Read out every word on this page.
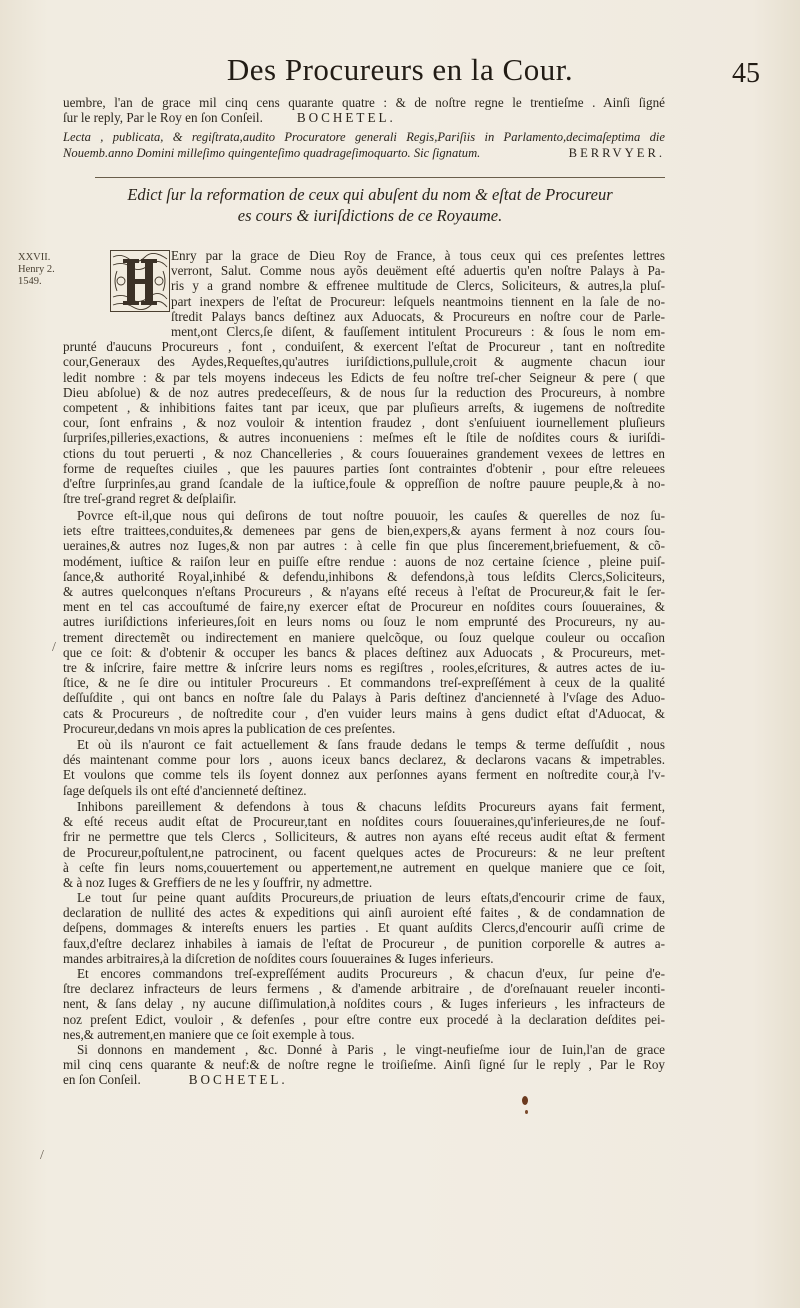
Des Procureurs en la Cour.	45
uembre, l'an de grace mil cinq cens quarante quatre : & de noſtre regne le trentieſme . Ainſi ſigné
ſur le reply, Par le Roy en ſon Conſeil.	BOCHETEL.
Lecta , publicata, & regiſtrata,audito Procuratore generali Regis,Pariſiis in Parlamento,decimaſeptima die
Nouemb.anno Domini milleſimo quingenteſimo quadrageſimoquarto. Sic ſignatum.	BERRVYER.
Edict ſur la reformation de ceux qui abuſent du nom & eſtat de Procureur
es cours & iuriſdictions de ce Royaume.
XXVII.
Henry 2.
1549.
Enry par la grace de Dieu Roy de France, à tous ceux qui ces preſentes lettres
verront, Salut. Comme nous ayõs deuëment eſté aduertis qu'en noſtre Palays à Pa-
ris y a grand nombre & effrenee multitude de Clercs, Soliciteurs, & autres,la pluſ-
part inexpers de l'eſtat de Procureur: leſquels neantmoins tiennent en la ſale de no-
ſtredit Palays bancs deſtinez aux Aduocats, & Procureurs en noſtre cour de Parle-
ment,ont Clercs,ſe diſent, & fauſſement intitulent Procureurs : & ſous le nom em-
prunté d'aucuns Procureurs , font , conduiſent, & exercent l'eſtat de Procureur , tant en noſtredite
cour,Generaux des Aydes,Requeſtes,qu'autres iuriſdictions,pullule,croit & augmente chacun iour
ledit nombre : & par tels moyens indeceus les Edicts de feu noſtre treſ-cher Seigneur & pere ( que
Dieu abſolue) & de noz autres predeceſſeurs, & de nous ſur la reduction des Procureurs, à nombre
competent , & inhibitions faites tant par iceux, que par pluſieurs arreſts, & iugemens de noſtredite
cour, ſont enfrains , & noz vouloir & intention fraudez , dont s'enſuiuent iournellement pluſieurs
ſurpriſes,pilleries,exactions, & autres inconueniens : meſmes eſt le ſtile de noſdites cours & iuriſdi-
ctions du tout peruerti , & noz Chancelleries , & cours ſouueraines grandement vexees de lettres en
forme de requeſtes ciuiles , que les pauures parties ſont contraintes d'obtenir , pour eſtre releuees
d'eſtre ſurprinſes,au grand ſcandale de la iuſtice,foule & oppreſſion de noſtre pauure peuple,& à no-
ſtre treſ-grand regret & deſplaiſir.
Povrce eſt-il,que nous qui deſirons de tout noſtre pouuoir, les cauſes & querelles de noz ſu-
iets eſtre traittees,conduites,& demenees par gens de bien,expers,& ayans ferment à noz cours ſou-
ueraines,& autres noz Iuges,& non par autres : à celle fin que plus ſincerement,briefuement, & cõ-
modément, iuſtice & raiſon leur en puiſſe eſtre rendue : auons de noz certaine ſcience , pleine puiſ-
ſance,& authorité Royal,inhibé & defendu,inhibons & defendons,à tous leſdits Clercs,Soliciteurs,
& autres quelconques n'eſtans Procureurs , & n'ayans eſté receus à l'eſtat de Procureur,& fait le ſer-
ment en tel cas accouſtumé de faire,ny exercer eſtat de Procureur en noſdites cours ſouueraines, &
autres iuriſdictions inferieures,ſoit en leurs noms ou ſouz le nom emprunté des Procureurs, ny au-
trement directemẽt ou indirectement en maniere quelcõque, ou ſouz quelque couleur ou occaſion
que ce ſoit: & d'obtenir & occuper les bancs & places deſtinez aux Aduocats , & Procureurs, met-
tre & inſcrire, faire mettre & inſcrire leurs noms es regiſtres , rooles,eſcritures, & autres actes de iu-
ſtice, & ne ſe dire ou intituler Procureurs . Et commandons treſ-expreſſément à ceux de la qualité
deſſuſdite , qui ont bancs en noſtre ſale du Palays à Paris deſtinez d'ancienneté à l'vſage des Aduo-
cats & Procureurs , de noſtredite cour , d'en vuider leurs mains à gens dudict eſtat d'Aduocat, &
Procureur,dedans vn mois apres la publication de ces preſentes.
Et où ils n'auront ce fait actuellement & ſans fraude dedans le temps & terme deſſuſdit , nous
dés maintenant comme pour lors , auons iceux bancs declarez, & declarons vacans & impetrables.
Et voulons que comme tels ils ſoyent donnez aux perſonnes ayans ferment en noſtredite cour,à l'v-
ſage deſquels ils ont eſté d'ancienneté deſtinez.
Inhibons pareillement & defendons à tous & chacuns leſdits Procureurs ayans fait ferment,
& eſté receus audit eſtat de Procureur,tant en noſdites cours ſouueraines,qu'inferieures,de ne ſouf-
frir ne permettre que tels Clercs , Solliciteurs, & autres non ayans eſté receus audit eſtat & ferment
de Procureur,poſtulent,ne patrocinent, ou facent quelques actes de Procureurs: & ne leur preſtent
à ceſte fin leurs noms,couuertement ou appertement,ne autrement en quelque maniere que ce ſoit,
& à noz Iuges & Greffiers de ne les y ſouffrir, ny admettre.
Le tout ſur peine quant auſdits Procureurs,de priuation de leurs eſtats,d'encourir crime de faux,
declaration de nullité des actes & expeditions qui ainſi auroient eſté faites , & de condamnation de
deſpens, dommages & intereſts enuers les parties . Et quant auſdits Clercs,d'encourir auſſi crime de
faux,d'eſtre declarez inhabiles à iamais de l'eſtat de Procureur , de punition corporelle & autres a-
mandes arbitraires,à la diſcretion de noſdites cours ſouueraines & Iuges inferieurs.
Et encores commandons treſ-expreſſément audits Procureurs , & chacun d'eux, ſur peine d'e-
ſtre declarez infracteurs de leurs fermens , & d'amende arbitraire , de d'oreſnauant reueler inconti-
nent, & ſans delay , ny aucune diſſimulation,à noſdites cours , & Iuges inferieurs , les infracteurs de
noz preſent Edict, vouloir , & defenſes , pour eſtre contre eux procedé à la declaration deſdites pei-
nes,& autrement,en maniere que ce ſoit exemple à tous.
Si donnons en mandement , &c. Donné à Paris , le vingt-neufieſme iour de Iuin,l'an de grace
mil cinq cens quarante & neuf:& de noſtre regne le troiſieſme. Ainſi ſigné ſur le reply , Par le Roy
en ſon Conſeil.	BOCHETEL.
/
/
